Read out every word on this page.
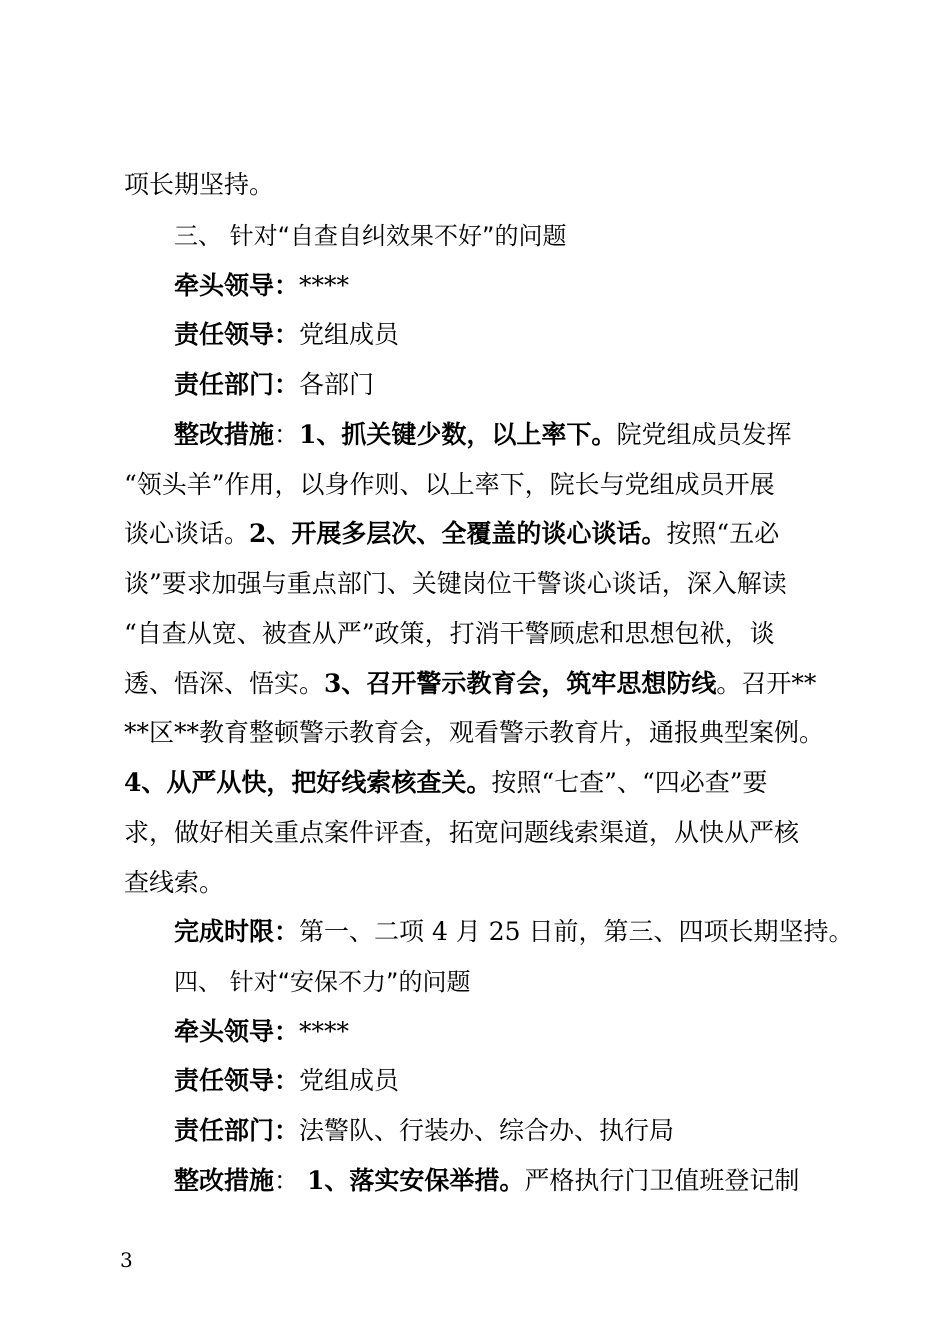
项长期坚持。
三、 针对“自查自纠效果不好”的问题
牵头领导：****
责任领导：党组成员
责任部门：各部门
整改措施：1、抓关键少数，以上率下。院党组成员发挥
“领头羊”作用，以身作则、以上率下，院长与党组成员开展
谈心谈话。2、开展多层次、全覆盖的谈心谈话。按照“五必
谈”要求加强与重点部门、关键岗位干警谈心谈话，深入解读
“自查从宽、被查从严”政策，打消干警顾虑和思想包袱，谈
透、悟深、悟实。3、召开警示教育会，筑牢思想防线。召开**
**区**教育整顿警示教育会，观看警示教育片，通报典型案例。
4、从严从快，把好线索核查关。按照“七查”、“四必查”要
求，做好相关重点案件评查，拓宽问题线索渠道，从快从严核
查线索。
完成时限：第一、二项 4 月 25 日前，第三、四项长期坚持。
四、 针对“安保不力”的问题
牵头领导：****
责任领导：党组成员
责任部门：法警队、行装办、综合办、执行局
整改措施： 1、落实安保举措。严格执行门卫值班登记制
3
